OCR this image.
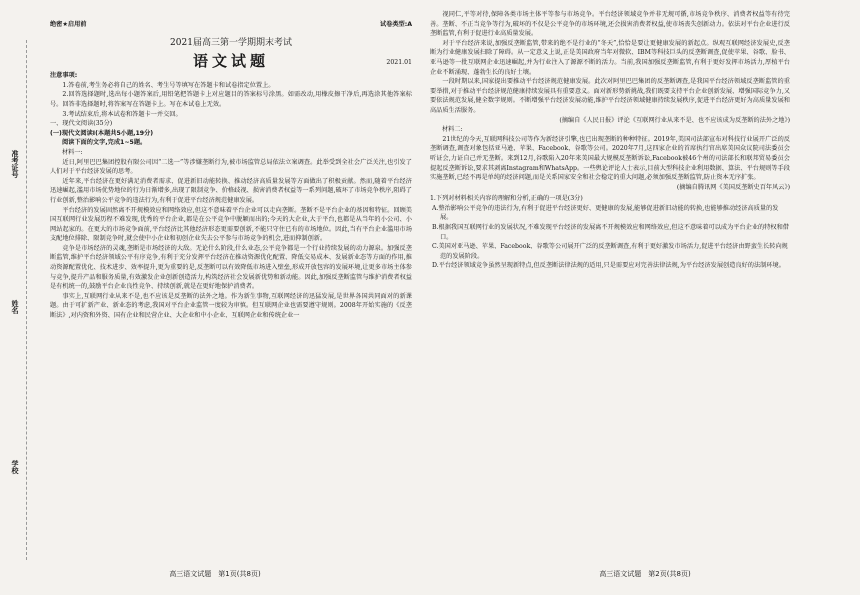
准考证号
姓名
学校
绝密★启用前	试卷类型:A
2021届高三第一学期期末考试
语文试题	2021.01
注意事项:

1.答卷前,考生务必将自己的姓名、考生号等填写在答题卡和试卷指定位置上。

2.回答选择题时,选出每小题答案后,用铅笔把答题卡上对应题目的答案标号涂黑。如需改动,用橡皮擦干净后,再选涂其他答案标号。回答非选择题时,将答案写在答题卡上。写在本试卷上无效。

3.考试结束后,将本试卷和答题卡一并交回。

一、现代文阅读(35分)
(一)现代文阅读Ⅰ(本题共5小题,19分)
阅读下面的文字,完成1~5题。
材料一:

近日,阿里巴巴集团控股有限公司因“二选一”等涉嫌垄断行为,被市场监管总局依法立案调查。此举受到全社会广泛关注,也引发了人们对于平台经济发展的思考。

近年来,平台经济在更好满足消费者需求、促进新旧动能转换、推动经济高质量发展等方面做出了积极贡献。然而,随着平台经济迅速崛起,滥用市场优势地位的行为日渐增多,出现了限制竞争、价格歧视、损害消费者权益等一系列问题,破坏了市场竞争秩序,阻碍了行业创新,整治影响公平竞争的违法行为,有利于促进平台经济规范健康发展。

平台经济的发展固然离不开规模效应和网络效应,但这不意味着平台企业可以走向垄断。垄断不是平台企业的基因和特征。回顾美国互联网行业发展历程不难发现,优秀的平台企业,都是在公平竞争中脱颖而出的;今天的大企业,大于平台,也都是从当年的小公司、小网站起家的。在更大的市场竞争面前,平台经济比其他经济形态更需要创新,不能只守住已有的市场地位。因此,当有平台企业滥用市场支配地位排除、限制竞争时,就会使中小企业和初创企业失去公平参与市场竞争的机会,进而抑制创新。

竞争是市场经济的灵魂,垄断是市场经济的大敌。无论什么阶段,什么业态,公平竞争都是一个行业持续发展的动力源泉。加强反垄断监管,维护平台经济领域公平有序竞争,有利于充分发挥平台经济在推动资源优化配置、降低交易成本、发展新业态等方面的作用,推动资源配置优化、技术进步、效率提升,更为重要的是,反垄断可以有效降低市场进入壁垒,形成开放包容的发展环境,让更多市场主体参与竞争,提升产品和服务质量,有效激发企业创新创造活力,构筑经济社会发展新优势和新动能。因此,加强反垄断监管与维护消费者权益是有机统一的,鼓励平台企业良性竞争、持续创新,就是在更好地保护消费者。

事实上,互联网行业从来不是,也不应该是反垄断的法外之地。作为新生事物,互联网经济的迅猛发展,是世界各国共同面对的新课题。由于可扩新产业、新业态的考虑,我国对平台企业监管一度较为审慎。但互联网企业也需要遵守规则。2008年开始实施的《反垄断法》,对内资和外资、国有企业和民营企业、大企业和中小企业、互联网企业和传统企业一

高三语文试题　第1页(共8页)

视同仁,平等对待,保障各类市场主体平等参与市场竞争。平台经济领域竞争并非无规可循,市场竞争秩序、消费者权益等有待完善。垄断、不正当竞争等行为,破坏的不仅是公平竞争的市场环境,还会损害消费者权益,使市场丧失创新动力。依法对平台企业进行反垄断监管,有利于促进行业高质量发展。

对于平台经济来说,加强反垄断监管,带来的绝不是行业的“冬天”,恰恰是要让更健康发展的新起点。纵观互联网经济发展史,反垄断为行业健康发展扫除了障碍。从一定意义上说,正是美国政府当年对微软、IBM等科技巨头的反垄断调查,促使苹果、谷歌、脸书、亚马逊等一批互联网企业迅速崛起,并为行业注入了源源不断的活力。当前,我国加强反垄断监管,有利于更好发挥市场活力,厚植平台企业不断涌现、蓬勃生长的良好土壤。

一段时期以来,国家提出要推动平台经济规范健康发展。此次对阿里巴巴集团的反垄断调查,是我国平台经济领域反垄断监管的重要举措,对于推动平台经济规范健康持续发展具有重要意义。面对新形势新挑战,我们既要支持平台企业创新发展、增强国际竞争力,又要依法规范发展,健全数字规则。不断增强平台经济发展动能,维护平台经济领域健康持续发展秩序,促进平台经济更好为高质量发展和高品质生活服务。

(摘编自《人民日报》评论《互联网行业从来不是、也不应该成为反垄断的法外之地》)

材料二:

21世纪的今天,互联网科技公司等作为新经济引擎,也已出现垄断的种种特征。2019年,美国司法部宣布对科技行业展开广泛的反垄断调查,调查对象包括亚马逊、苹果、Facebook、谷歌等公司。2020年7月,这四家企业的首席执行官出席美国众议院司法委员会听证会,力证自己并无垄断。来到12月,谷歌陷入20年来美国最大规模反垄断诉讼,Facebook被46个州的司法部长和联邦贸易委员会提起反垄断诉讼,要求其剥离Instagram和WhatsApp。一些舆论评论人士表示,目前大型科技企业利用数据、算法、平台规则等手段实施垄断,已经不再是单纯的经济问题,而是关系国家安全和社会稳定的重大问题,必须加强反垄断监管,防止资本无序扩张。

(摘编自腾讯网《美国反垄断史百年风云》)

1.下列对材料相关内容的理解和分析,正确的一项是(3分)

A.整治影响公平竞争的违法行为,有利于促进平台经济更好、更健康的发展,能够促进新旧动能的转换,也能够推动经济高质量的发展。

B.根据我国互联网行业的发展状况,不难发现平台经济的发展离不开规模效应和网络效应,但这不意味着可以成为平台企业的特权和借口。

C.美国对亚马逊、苹果、Facebook、谷歌等公司展开广泛的反垄断调查,有利于更好激发市场活力,促进平台经济由野蛮生长转向规范的发展阶段。

D.平台经济领域竞争虽然呈现新特点,但反垄断法律法规的适用,只是需要应对完善法律法规,为平台经济发展创造良好的法制环境。

高三语文试题　第2页(共8页)
